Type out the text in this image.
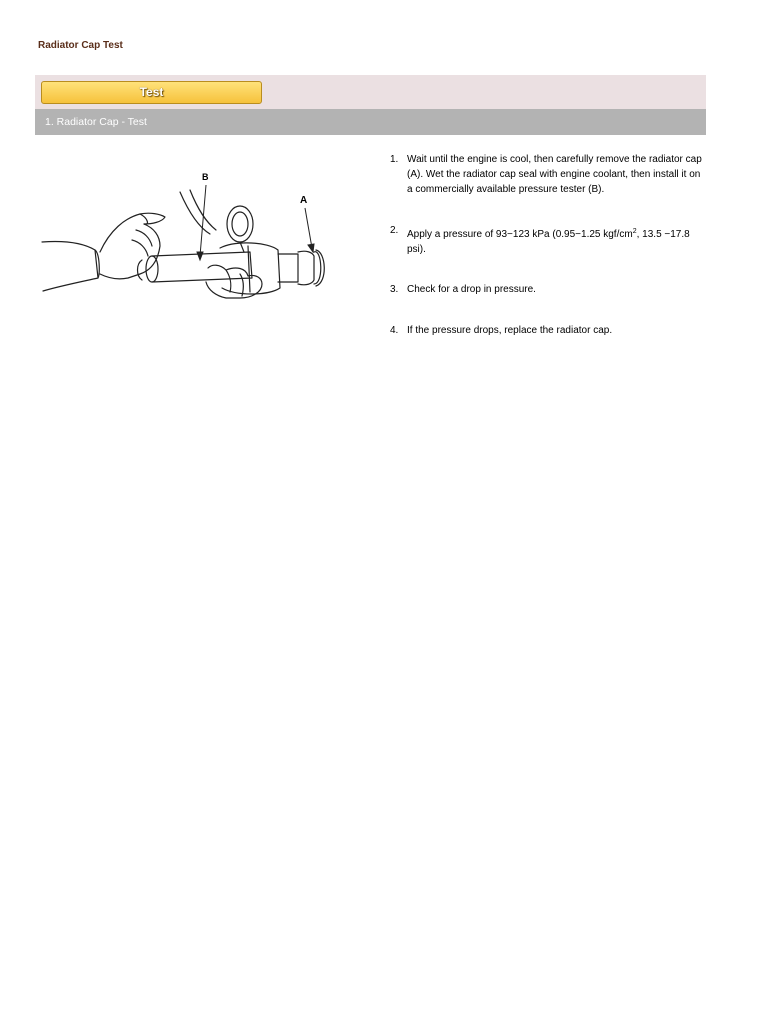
Radiator Cap Test
Test
1. Radiator Cap - Test
B
A
1. Wait until the engine is cool, then carefully remove the radiator cap (A). Wet the radiator cap seal with engine coolant, then install it on a commercially available pressure tester (B).
2. Apply a pressure of 93−123 kPa (0.95−1.25 kgf/$cm^2$, 13.5 −17.8 psi).
3. Check for a drop in pressure.
4. If the pressure drops, replace the radiator cap.
